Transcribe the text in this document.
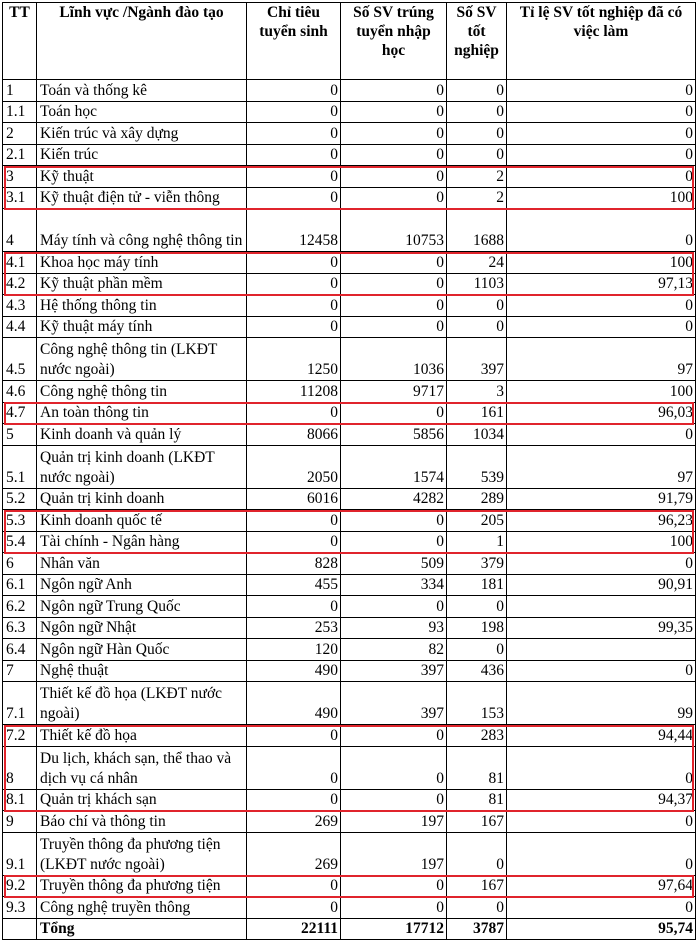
TT	Lĩnh vực /Ngành đào tạo	Chỉ tiêu tuyển sinh	Số SV trúng tuyển nhập học	Số SV tốt nghiệp	Tỉ lệ SV tốt nghiệp đã có việc làm
1	Toán và thống kê	0	0	0	0
1.1	Toán học	0	0	0	0
2	Kiến trúc và xây dựng	0	0	0	0
2.1	Kiến trúc	0	0	0	0
3	Kỹ thuật	0	0	2	0
3.1	Kỹ thuật điện tử - viễn thông	0	0	2	100
4	Máy tính và công nghệ thông tin	12458	10753	1688	0
4.1	Khoa học máy tính	0	0	24	100
4.2	Kỹ thuật phần mềm	0	0	1103	97,13
4.3	Hệ thống thông tin	0	0	0	0
4.4	Kỹ thuật máy tính	0	0	0	0
4.5	Công nghệ thông tin (LKĐT nước ngoài)	1250	1036	397	97
4.6	Công nghệ thông tin	11208	9717	3	100
4.7	An toàn thông tin	0	0	161	96,03
5	Kinh doanh và quản lý	8066	5856	1034	0
5.1	Quản trị kinh doanh (LKĐT nước ngoài)	2050	1574	539	97
5.2	Quản trị kinh doanh	6016	4282	289	91,79
5.3	Kinh doanh quốc tế	0	0	205	96,23
5.4	Tài chính - Ngân hàng	0	0	1	100
6	Nhân văn	828	509	379	0
6.1	Ngôn ngữ Anh	455	334	181	90,91
6.2	Ngôn ngữ Trung Quốc	0	0	0	
6.3	Ngôn ngữ Nhật	253	93	198	99,35
6.4	Ngôn ngữ Hàn Quốc	120	82	0	
7	Nghệ thuật	490	397	436	0
7.1	Thiết kế đồ họa (LKĐT nước ngoài)	490	397	153	99
7.2	Thiết kế đồ họa	0	0	283	94,44
8	Du lịch, khách sạn, thể thao và dịch vụ cá nhân	0	0	81	0
8.1	Quản trị khách sạn	0	0	81	94,37
9	Báo chí và thông tin	269	197	167	0
9.1	Truyền thông đa phương tiện (LKĐT nước ngoài)	269	197	0	0
9.2	Truyền thông đa phương tiện	0	0	167	97,64
9.3	Công nghệ truyền thông	0	0	0	0
	Tổng	22111	17712	3787	95,74
